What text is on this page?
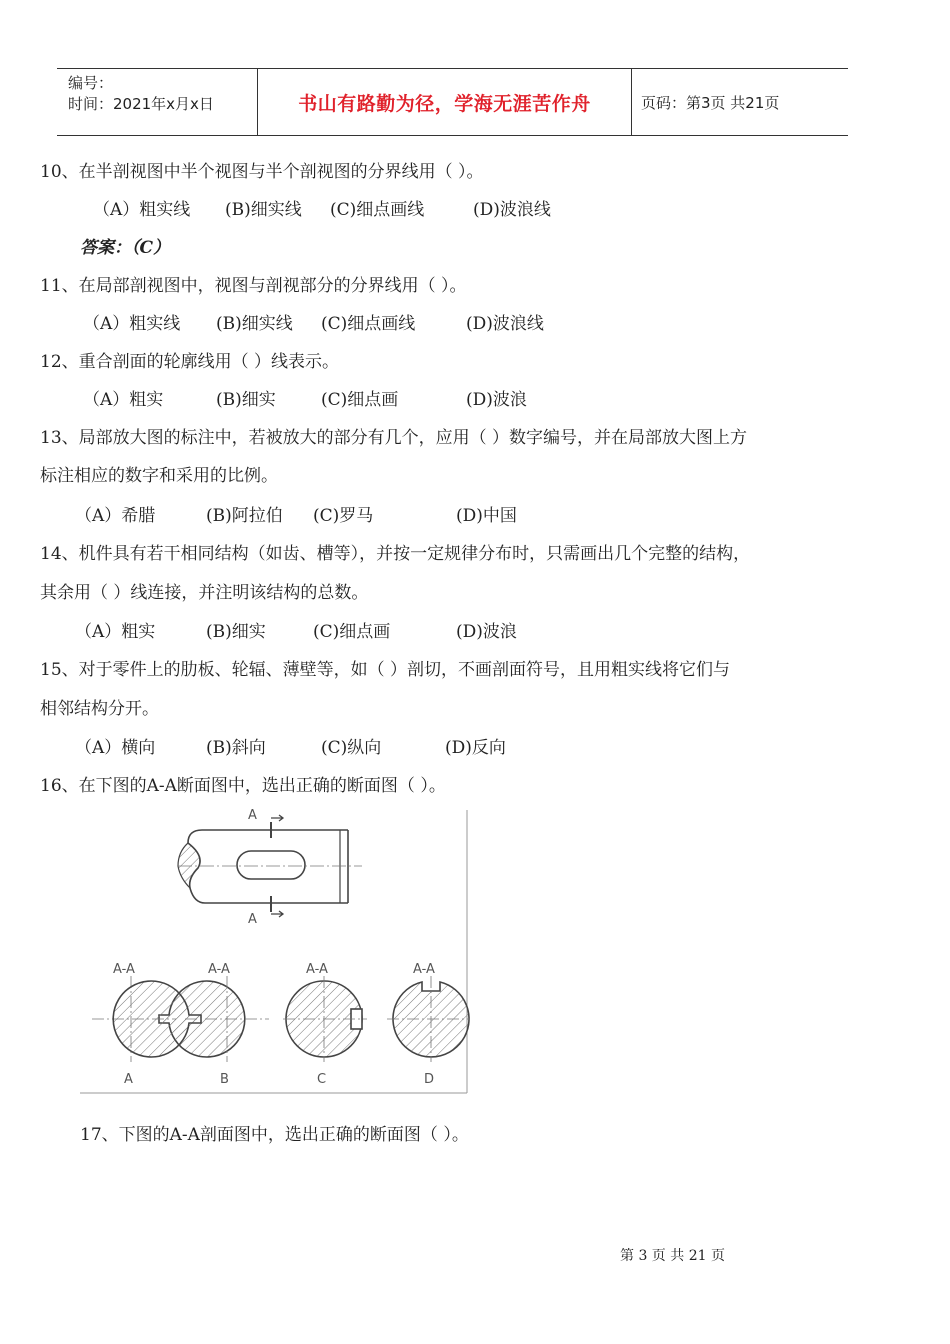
编号：
时间：2021年x月x日	书山有路勤为径，学海无涯苦作舟	页码：第3页 共21页
10、在半剖视图中半个视图与半个剖视图的分界线用（ ）。
（A）粗实线 (B)细实线 (C)细点画线	(D)波浪线
答案：（C）
11、在局部剖视图中，视图与剖视部分的分界线用（ ）。
（A）粗实线 (B)细实线 (C)细点画线	(D)波浪线
12、重合剖面的轮廓线用（ ）线表示。
（A）粗实	(B)细实	(C)细点画	(D)波浪
13、局部放大图的标注中，若被放大的部分有几个，应用（ ）数字编号，并在局部放大图上方
标注相应的数字和采用的比例。
（A）希腊	(B)阿拉伯 (C)罗马	(D)中国
14、机件具有若干相同结构（如齿、槽等），并按一定规律分布时，只需画出几个完整的结构，
其余用（ ）线连接，并注明该结构的总数。
（A）粗实	(B)细实	(C)细点画	(D)波浪
15、对于零件上的肋板、轮辐、薄壁等，如（ ）剖切，不画剖面符号，且用粗实线将它们与
相邻结构分开。
（A）横向	(B)斜向	(C)纵向	(D)反向
16、在下图的A-A断面图中，选出正确的断面图（ ）。
A
A
A-A	A-A	A-A	A-A
A	B	C	D
17、下图的A-A剖面图中，选出正确的断面图（ ）。
第 3 页 共 21 页
